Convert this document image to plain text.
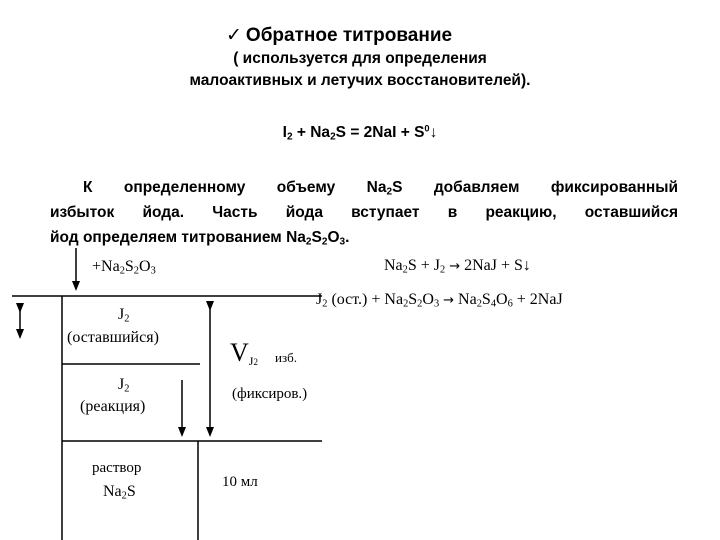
✓ Обратное титрование
( используется для определения
малоактивных и летучих восстановителей).
$I_2 + Na_2S = 2NaI$ + $S^0↓$
К определенному объему $Na_2S$ добавляем фиксированный
избыток йода. Часть йода вступает в реакцию, оставшийся
йод определяем титрованием $Na_2S_2O_3$.
$Na_2S + J_2 \to 2NaJ$ + S↓
$J_2$ $(ост.) + Na_2S_2O_3 \to Na_2S_4O_6 + 2NaJ$
$+Na_2S_2O_3$
$J_2$
(оставшийся)
$J_2$
(реакция)
VJ2 изб.
(фиксиров.)
раствор
$Na_2S$
10 мл
